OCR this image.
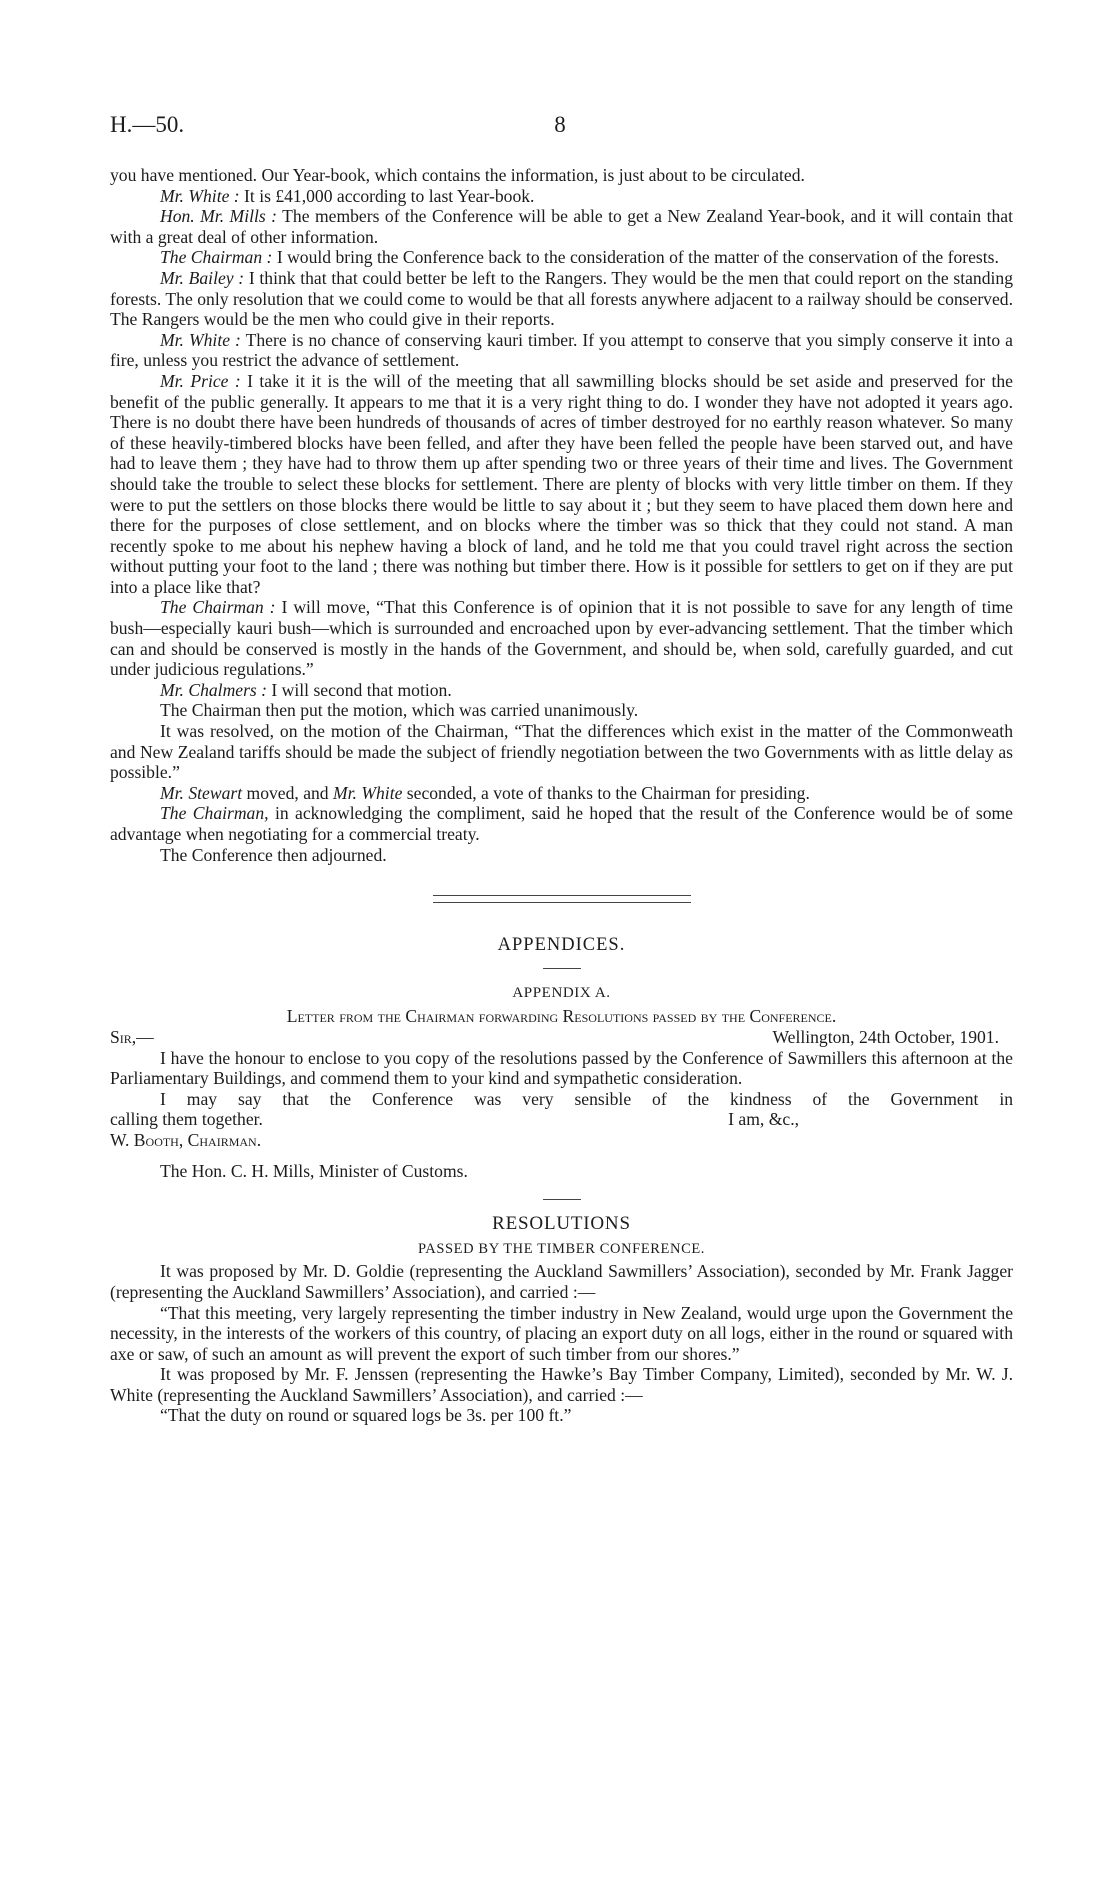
H.—50.	8

you have mentioned. Our Year-book, which contains the information, is just about to be circulated.

Mr. White : It is £41,000 according to last Year-book.

Hon. Mr. Mills : The members of the Conference will be able to get a New Zealand Year-book, and it will contain that with a great deal of other information.

The Chairman : I would bring the Conference back to the consideration of the matter of the conservation of the forests.

Mr. Bailey : I think that that could better be left to the Rangers. They would be the men that could report on the standing forests. The only resolution that we could come to would be that all forests anywhere adjacent to a railway should be conserved. The Rangers would be the men who could give in their reports.

Mr. White : There is no chance of conserving kauri timber. If you attempt to conserve that you simply conserve it into a fire, unless you restrict the advance of settlement.

Mr. Price : I take it it is the will of the meeting that all sawmilling blocks should be set aside and preserved for the benefit of the public generally. It appears to me that it is a very right thing to do. I wonder they have not adopted it years ago. There is no doubt there have been hundreds of thousands of acres of timber destroyed for no earthly reason whatever. So many of these heavily-timbered blocks have been felled, and after they have been felled the people have been starved out, and have had to leave them ; they have had to throw them up after spending two or three years of their time and lives. The Government should take the trouble to select these blocks for settlement. There are plenty of blocks with very little timber on them. If they were to put the settlers on those blocks there would be little to say about it ; but they seem to have placed them down here and there for the purposes of close settlement, and on blocks where the timber was so thick that they could not stand. A man recently spoke to me about his nephew having a block of land, and he told me that you could travel right across the section without putting your foot to the land ; there was nothing but timber there. How is it possible for settlers to get on if they are put into a place like that?

The Chairman : I will move, “That this Conference is of opinion that it is not possible to save for any length of time bush—especially kauri bush—which is surrounded and encroached upon by ever-advancing settlement. That the timber which can and should be conserved is mostly in the hands of the Government, and should be, when sold, carefully guarded, and cut under judicious regulations.”

Mr. Chalmers : I will second that motion.

The Chairman then put the motion, which was carried unanimously.

It was resolved, on the motion of the Chairman, “That the differences which exist in the matter of the Commonweath and New Zealand tariffs should be made the subject of friendly negotiation between the two Governments with as little delay as possible.”

Mr. Stewart moved, and Mr. White seconded, a vote of thanks to the Chairman for presiding.

The Chairman, in acknowledging the compliment, said he hoped that the result of the Conference would be of some advantage when negotiating for a commercial treaty.

The Conference then adjourned.

APPENDICES.
APPENDIX A.
Letter from the Chairman forwarding Resolutions passed by the Conference.
Sir,—	Wellington, 24th October, 1901.

I have the honour to enclose to you copy of the resolutions passed by the Conference of Sawmillers this afternoon at the Parliamentary Buildings, and commend them to your kind and sympathetic consideration.

I may say that the Conference was very sensible of the kindness of the Government in

calling them together.	I am, &c.,

W. Booth, Chairman.

The Hon. C. H. Mills, Minister of Customs.

RESOLUTIONS
PASSED BY THE TIMBER CONFERENCE.

It was proposed by Mr. D. Goldie (representing the Auckland Sawmillers’ Association), seconded by Mr. Frank Jagger (representing the Auckland Sawmillers’ Association), and carried :—

“That this meeting, very largely representing the timber industry in New Zealand, would urge upon the Government the necessity, in the interests of the workers of this country, of placing an export duty on all logs, either in the round or squared with axe or saw, of such an amount as will prevent the export of such timber from our shores.”

It was proposed by Mr. F. Jenssen (representing the Hawke’s Bay Timber Company, Limited), seconded by Mr. W. J. White (representing the Auckland Sawmillers’ Association), and carried :—

“That the duty on round or squared logs be 3s. per 100 ft.”
